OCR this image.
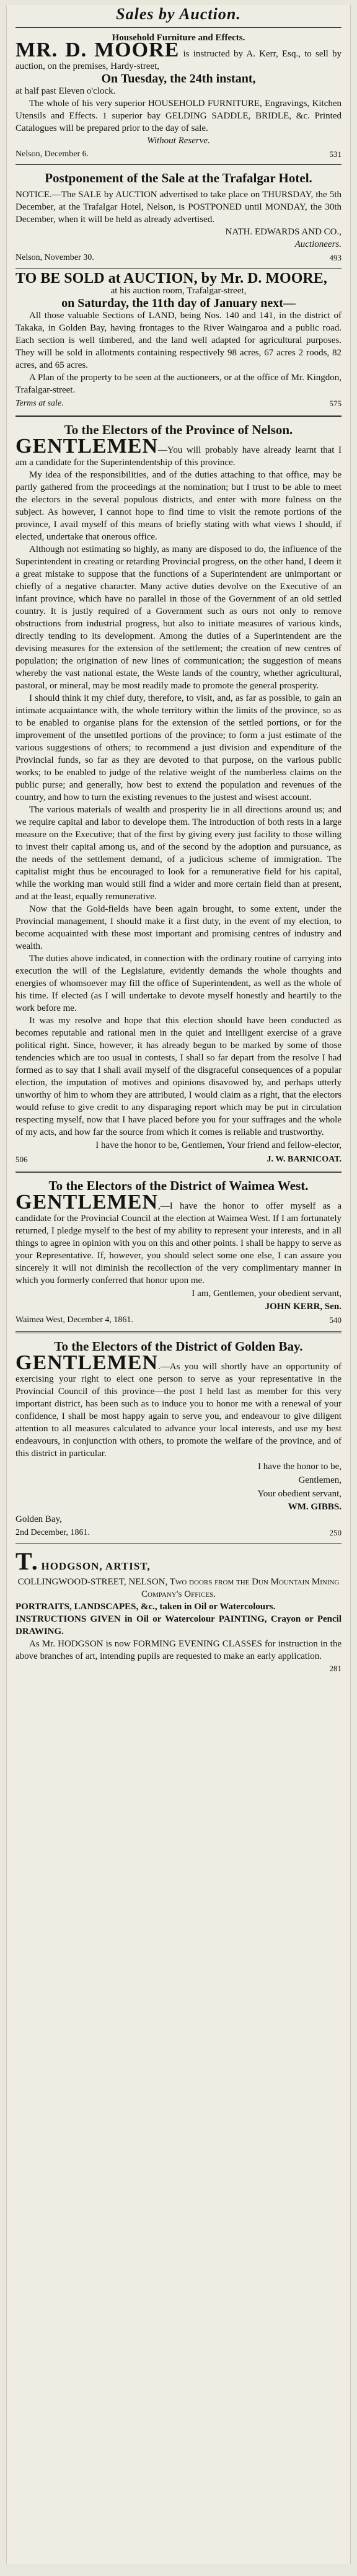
Sales by Auction.
Household Furniture and Effects.
MR. D. MOORE is instructed by A. Kerr, Esq., to sell by auction, on the premises, Hardy-street,
On Tuesday, the 24th instant,
at half past Eleven o'clock.
The whole of his very superior HOUSEHOLD FURNITURE, Engravings, Kitchen Utensils and Effects. 1 superior bay GELDING SADDLE, BRIDLE, &c. Printed Catalogues will be prepared prior to the day of sale.
Without Reserve.
Nelson, December 6.	531
Postponement of the Sale at the Trafalgar Hotel.
NOTICE.—The SALE by AUCTION advertised to take place on THURSDAY, the 5th December, at the Trafalgar Hotel, Nelson, is POSTPONED until MONDAY, the 30th December, when it will be held as already advertised.
NATH. EDWARDS AND CO.,
Auctioneers.
Nelson, November 30.	493
TO BE SOLD at AUCTION, by Mr. D. MOORE,
at his auction room, Trafalgar-street,
on Saturday, the 11th day of January next—
All those valuable Sections of LAND, being Nos. 140 and 141, in the district of Takaka, in Golden Bay, having frontages to the River Waingaroa and a public road. Each section is well timbered, and the land well adapted for agricultural purposes. They will be sold in allotments containing respectively 98 acres, 67 acres 2 roods, 82 acres, and 65 acres.
A Plan of the property to be seen at the auctioneers, or at the office of Mr. Kingdon, Trafalgar-street.
Terms at sale.	575
To the Electors of the Province of Nelson.
GENTLEMEN—You will probably have already learnt that I am a candidate for the Superintendentship of this province.
My idea of the responsibilities, and of the duties attaching to that office, may be partly gathered from the proceedings at the nomination; but I trust to be able to meet the electors in the several populous districts, and enter with more fulness on the subject. As however, I cannot hope to find time to visit the remote portions of the province, I avail myself of this means of briefly stating with what views I should, if elected, undertake that onerous office.
Although not estimating so highly, as many are disposed to do, the influence of the Superintendent in creating or retarding Provincial progress, on the other hand, I deem it a great mistake to suppose that the functions of a Superintendent are unimportant or chiefly of a negative character. Many active duties devolve on the Executive of an infant province, which have no parallel in those of the Government of an old settled country. It is justly required of a Government such as ours not only to remove obstructions from industrial progress, but also to initiate measures of various kinds, directly tending to its development. Among the duties of a Superintendent are the devising measures for the extension of the settlement; the creation of new centres of population; the origination of new lines of communication; the suggestion of means whereby the vast national estate, the Weste lands of the country, whether agricultural, pastoral, or mineral, may be most readily made to promote the general prosperity.
I should think it my chief duty, therefore, to visit, and, as far as possible, to gain an intimate acquaintance with, the whole territory within the limits of the province, so as to be enabled to organise plans for the extension of the settled portions, or for the improvement of the unsettled portions of the province; to form a just estimate of the various suggestions of others; to recommend a just division and expenditure of the Provincial funds, so far as they are devoted to that purpose, on the various public works; to be enabled to judge of the relative weight of the numberless claims on the public purse; and generally, how best to extend the population and revenues of the country, and how to turn the existing revenues to the justest and wisest account.
The various materials of wealth and prosperity lie in all directions around us; and we require capital and labor to develope them. The introduction of both rests in a large measure on the Executive; that of the first by giving every just facility to those willing to invest their capital among us, and of the second by the adoption and pursuance, as the needs of the settlement demand, of a judicious scheme of immigration. The capitalist might thus be encouraged to look for a remunerative field for his capital, while the working man would still find a wider and more certain field than at present, and at the least, equally remunerative.
Now that the Gold-fields have been again brought, to some extent, under the Provincial management, I should make it a first duty, in the event of my election, to become acquainted with these most important and promising centres of industry and wealth.
The duties above indicated, in connection with the ordinary routine of carrying into execution the will of the Legislature, evidently demands the whole thoughts and energies of whomsoever may fill the office of Superintendent, as well as the whole of his time. If elected (as I will undertake to devote myself honestly and heartily to the work before me.
It was my resolve and hope that this election should have been conducted as becomes reputable and rational men in the quiet and intelligent exercise of a grave political right. Since, however, it has already begun to be marked by some of those tendencies which are too usual in contests, I shall so far depart from the resolve I had formed as to say that I shall avail myself of the disgraceful consequences of a popular election, the imputation of motives and opinions disavowed by, and perhaps utterly unworthy of him to whom they are attributed, I would claim as a right, that the electors would refuse to give credit to any disparaging report which may be put in circulation respecting myself, now that I have placed before you for your suffrages and the whole of my acts, and how far the source from which it comes is reliable and trustworthy.
I have the honor to be, Gentlemen, Your friend and fellow-elector,
506	J. W. BARNICOAT.
To the Electors of the District of Waimea West.
GENTLEMEN,—I have the honor to offer myself as a candidate for the Provincial Council at the election at Waimea West. If I am fortunately returned, I pledge myself to the best of my ability to represent your interests, and in all things to agree in opinion with you on this and other points. I shall be happy to serve as your Representative. If, however, you should select some one else, I can assure you sincerely it will not diminish the recollection of the very complimentary manner in which you formerly conferred that honor upon me.
I am, Gentlemen, your obedient servant,
JOHN KERR, Sen.
Waimea West, December 4, 1861.	540
To the Electors of the District of Golden Bay.
GENTLEMEN.—As you will shortly have an opportunity of exercising your right to elect one person to serve as your representative in the Provincial Council of this province—the post I held last as member for this very important district, has been such as to induce you to honor me with a renewal of your confidence, I shall be most happy again to serve you, and endeavour to give diligent attention to all measures calculated to advance your local interests, and use my best endeavours, in conjunction with others, to promote the welfare of the province, and of this district in particular.
I have the honor to be,
Gentlemen,
Your obedient servant,
WM. GIBBS.
Golden Bay,
2nd December, 1861.	250
T. HODGSON, ARTIST,
COLLINGWOOD-STREET, NELSON, Two doors from the Dun Mountain Mining Company's Offices.
PORTRAITS, LANDSCAPES, &c., taken in Oil or Watercolours.
INSTRUCTIONS GIVEN in Oil or Watercolour PAINTING, Crayon or Pencil DRAWING.
As Mr. HODGSON is now FORMING EVENING CLASSES for instruction in the above branches of art, intending pupils are requested to make an early application.
281
